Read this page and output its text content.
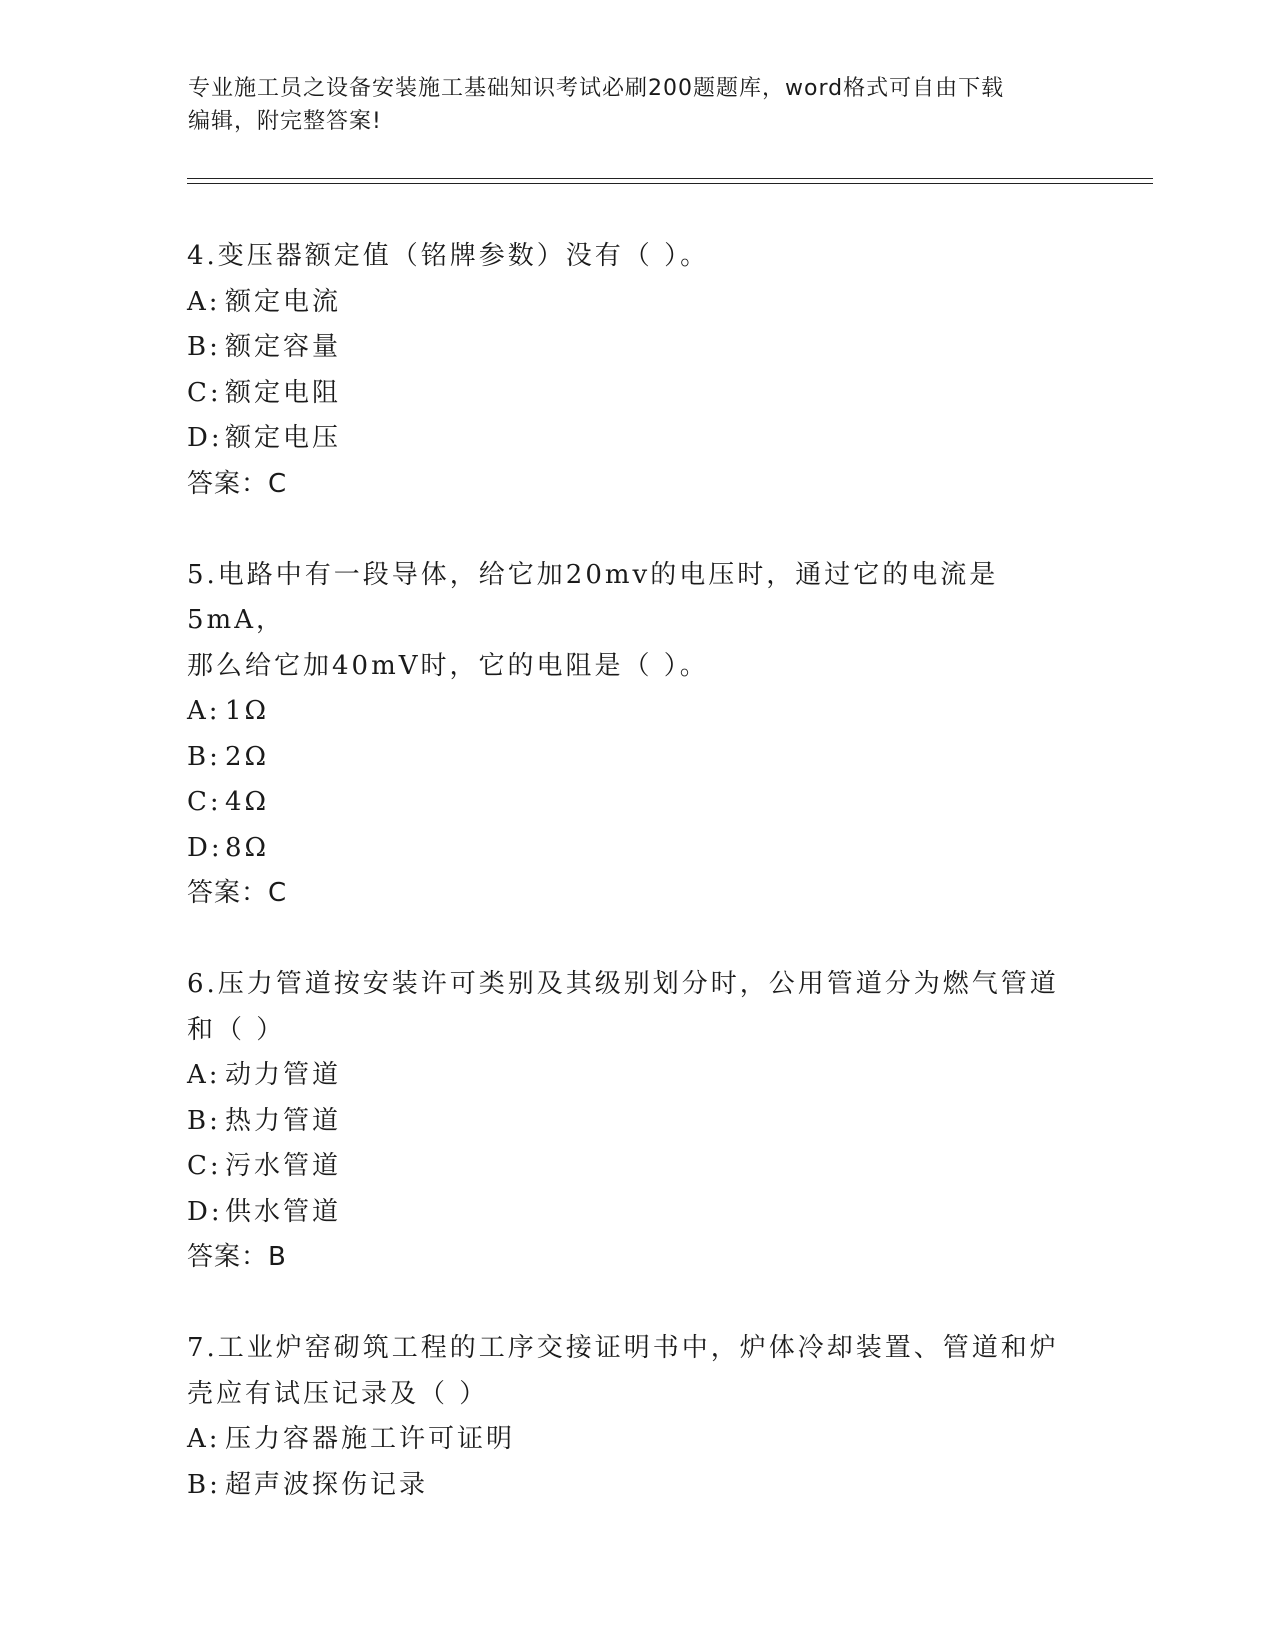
专业施工员之设备安装施工基础知识考试必刷200题题库，word格式可自由下载
编辑，附完整答案!
4.变压器额定值（铭牌参数）没有（ ）。
A: 额定电流
B: 额定容量
C: 额定电阻
D:额定电压
答案：C
5.电路中有一段导体，给它加20mv的电压时，通过它的电流是5mA，
那么给它加40mV时，它的电阻是（ ）。
A: 1Ω
B: 2Ω
C: 4Ω
D:8Ω
答案：C
6.压力管道按安装许可类别及其级别划分时，公用管道分为燃气管道
和（ ）
A: 动力管道
B: 热力管道
C: 污水管道
D:供水管道
答案：B
7.工业炉窑砌筑工程的工序交接证明书中，炉体冷却装置、管道和炉
壳应有试压记录及（ ）
A: 压力容器施工许可证明
B: 超声波探伤记录
